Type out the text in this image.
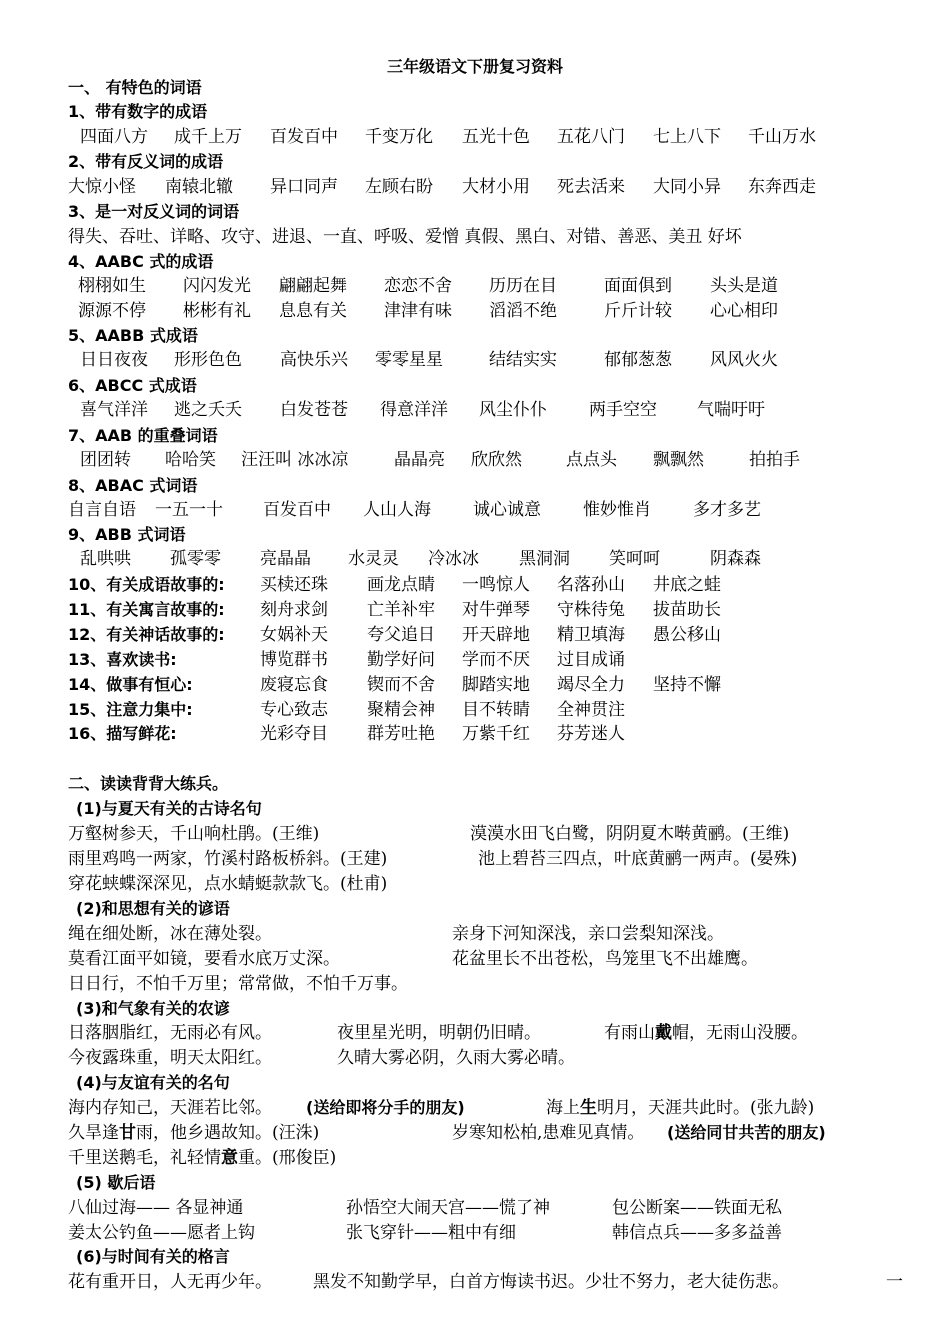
三年级语文下册复习资料
一、 有特色的词语
1、带有数字的成语
四面八方 成千上万 百发百中 千变万化 五光十色 五花八门 七上八下 千山万水
2、带有反义词的成语
大惊小怪 南辕北辙 异口同声 左顾右盼 大材小用 死去活来 大同小异 东奔西走
3、是一对反义词的词语
得失、吞吐、详略、攻守、进退、一直、呼吸、爱憎 真假、黑白、对错、善恶、美丑 好坏
4、AABC 式的成语
栩栩如生 闪闪发光 翩翩起舞 恋恋不舍 历历在目	面面俱到 头头是道
源源不停 彬彬有礼 息息有关 津津有味 滔滔不绝	斤斤计较 心心相印
5、AABB 式成语
日日夜夜 形形色色 高快乐兴 零零星星	结结实实	郁郁葱葱 风风火火
6、ABCC 式成语
喜气洋洋 逃之夭夭 白发苍苍 得意洋洋 风尘仆仆 两手空空 气喘吁吁
7、AAB 的重叠词语
团团转 哈哈笑 汪汪叫 冰冰凉	晶晶亮 欣欣然	点点头 飘飘然	拍拍手
8、ABAC 式词语
自言自语 一五一十 百发百中 人山人海 诚心诚意 惟妙惟肖 多才多艺
9、ABB 式词语
乱哄哄 孤零零 亮晶晶 水灵灵 冷冰冰 黑洞洞 笑呵呵	阴森森
10、有关成语故事的: 买椟还珠 画龙点睛 一鸣惊人 名落孙山 井底之蛙
11、有关寓言故事的: 刻舟求剑 亡羊补牢 对牛弹琴 守株待兔 拔苗助长
12、有关神话故事的: 女娲补天 夸父追日 开天辟地 精卫填海 愚公移山
13、喜欢读书:	博览群书 勤学好问 学而不厌 过目成诵
14、做事有恒心:	废寝忘食 锲而不舍 脚踏实地 竭尽全力 坚持不懈
15、注意力集中:	专心致志 聚精会神 目不转睛 全神贯注
16、描写鲜花:	光彩夺目 群芳吐艳 万紫千红 芬芳迷人
二、读读背背大练兵。
(1)与夏天有关的古诗名句
万壑树参天，千山响杜鹃。(王维)	漠漠水田飞白鹭，阴阴夏木啭黄鹂。(王维)
雨里鸡鸣一两家，竹溪村路板桥斜。(王建)	池上碧苔三四点，叶底黄鹂一两声。(晏殊)
穿花蛱蝶深深见，点水蜻蜓款款飞。(杜甫)
(2)和思想有关的谚语
绳在细处断，冰在薄处裂。	亲身下河知深浅，亲口尝梨知深浅。
莫看江面平如镜，要看水底万丈深。	花盆里长不出苍松，鸟笼里飞不出雄鹰。
日日行，不怕千万里；常常做，不怕千万事。
(3)和气象有关的农谚
日落胭脂红，无雨必有风。	夜里星光明，明朝仍旧晴。	有雨山戴帽，无雨山没腰。
今夜露珠重，明天太阳红。	久晴大雾必阴，久雨大雾必晴。
(4)与友谊有关的名句
海内存知己，天涯若比邻。 (送给即将分手的朋友)	海上生明月，天涯共此时。(张九龄)
久旱逢甘雨，他乡遇故知。(汪洙)	岁寒知松柏,患难见真情。 (送给同甘共苦的朋友)
千里送鹅毛，礼轻情意重。(邢俊臣)
(5) 歇后语
八仙过海—— 各显神通	孙悟空大闹天宫——慌了神	包公断案——铁面无私
姜太公钓鱼——愿者上钩	张飞穿针——粗中有细	韩信点兵——多多益善
(6)与时间有关的格言
花有重开日，人无再少年。 黑发不知勤学早，白首方悔读书迟。少壮不努力，老大徒伤悲。	一
